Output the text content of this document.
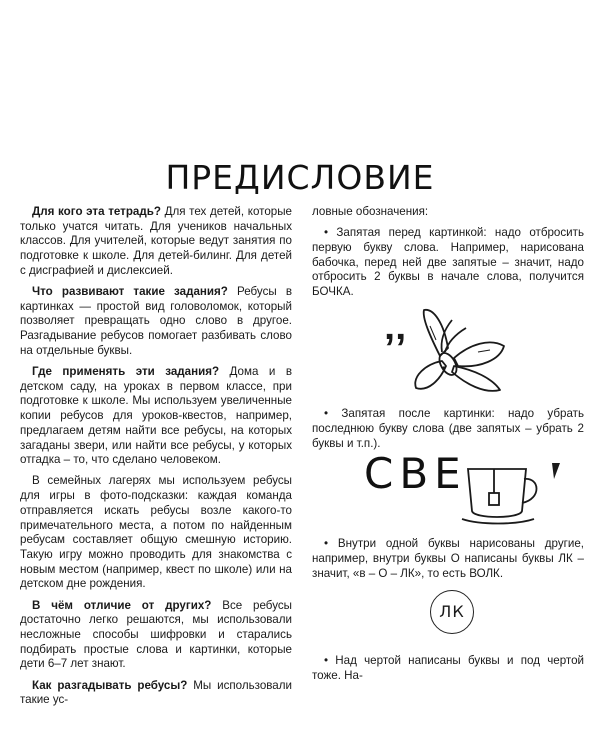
ПРЕДИСЛОВИЕ

Для кого эта тетрадь? Для тех детей, которые только учатся читать. Для учеников начальных классов. Для учителей, которые ведут занятия по подготовке к школе. Для детей-билинг. Для детей с дисграфией и дислексией.

Что развивают такие задания? Ребусы в картинках — простой вид головоломок, который позволяет превращать одно слово в другое. Разгадывание ребусов помогает разбивать слово на отдельные буквы.

Где применять эти задания? Дома и в детском саду, на уроках в первом классе, при подготовке к школе. Мы используем увеличенные копии ребусов для уроков-квестов, например, предлагаем детям найти все ребусы, на которых загаданы звери, или найти все ребусы, у которых отгадка – то, что сделано человеком.

В семейных лагерях мы используем ребусы для игры в фото-подсказки: каждая команда отправляется искать ребусы возле какого-то примечательного места, а потом по найденным ребусам составляет общую смешную историю. Такую игру можно проводить для знакомства с новым местом (например, квест по школе) или на детском дне рождения.

В чём отличие от других? Все ребусы достаточно легко решаются, мы использовали несложные способы шифровки и старались подбирать простые слова и картинки, которые дети 6–7 лет знают.

Как разгадывать ребусы? Мы использовали такие ус-

ловные обозначения:

• Запятая перед картинкой: надо отбросить первую букву слова. Например, нарисована бабочка, перед ней две запятые – значит, надо отбросить 2 буквы в начале слова, получится БОЧКА.

‚‚

• Запятая после картинки: надо убрать последнюю букву слова (две запятых – убрать 2 буквы и т.п.).

СВЕ

• Внутри одной буквы нарисованы другие, например, внутри буквы О написаны буквы ЛК – значит, «в – О – ЛК», то есть ВОЛК.

ЛК

• Над чертой написаны буквы и под чертой тоже. На-
